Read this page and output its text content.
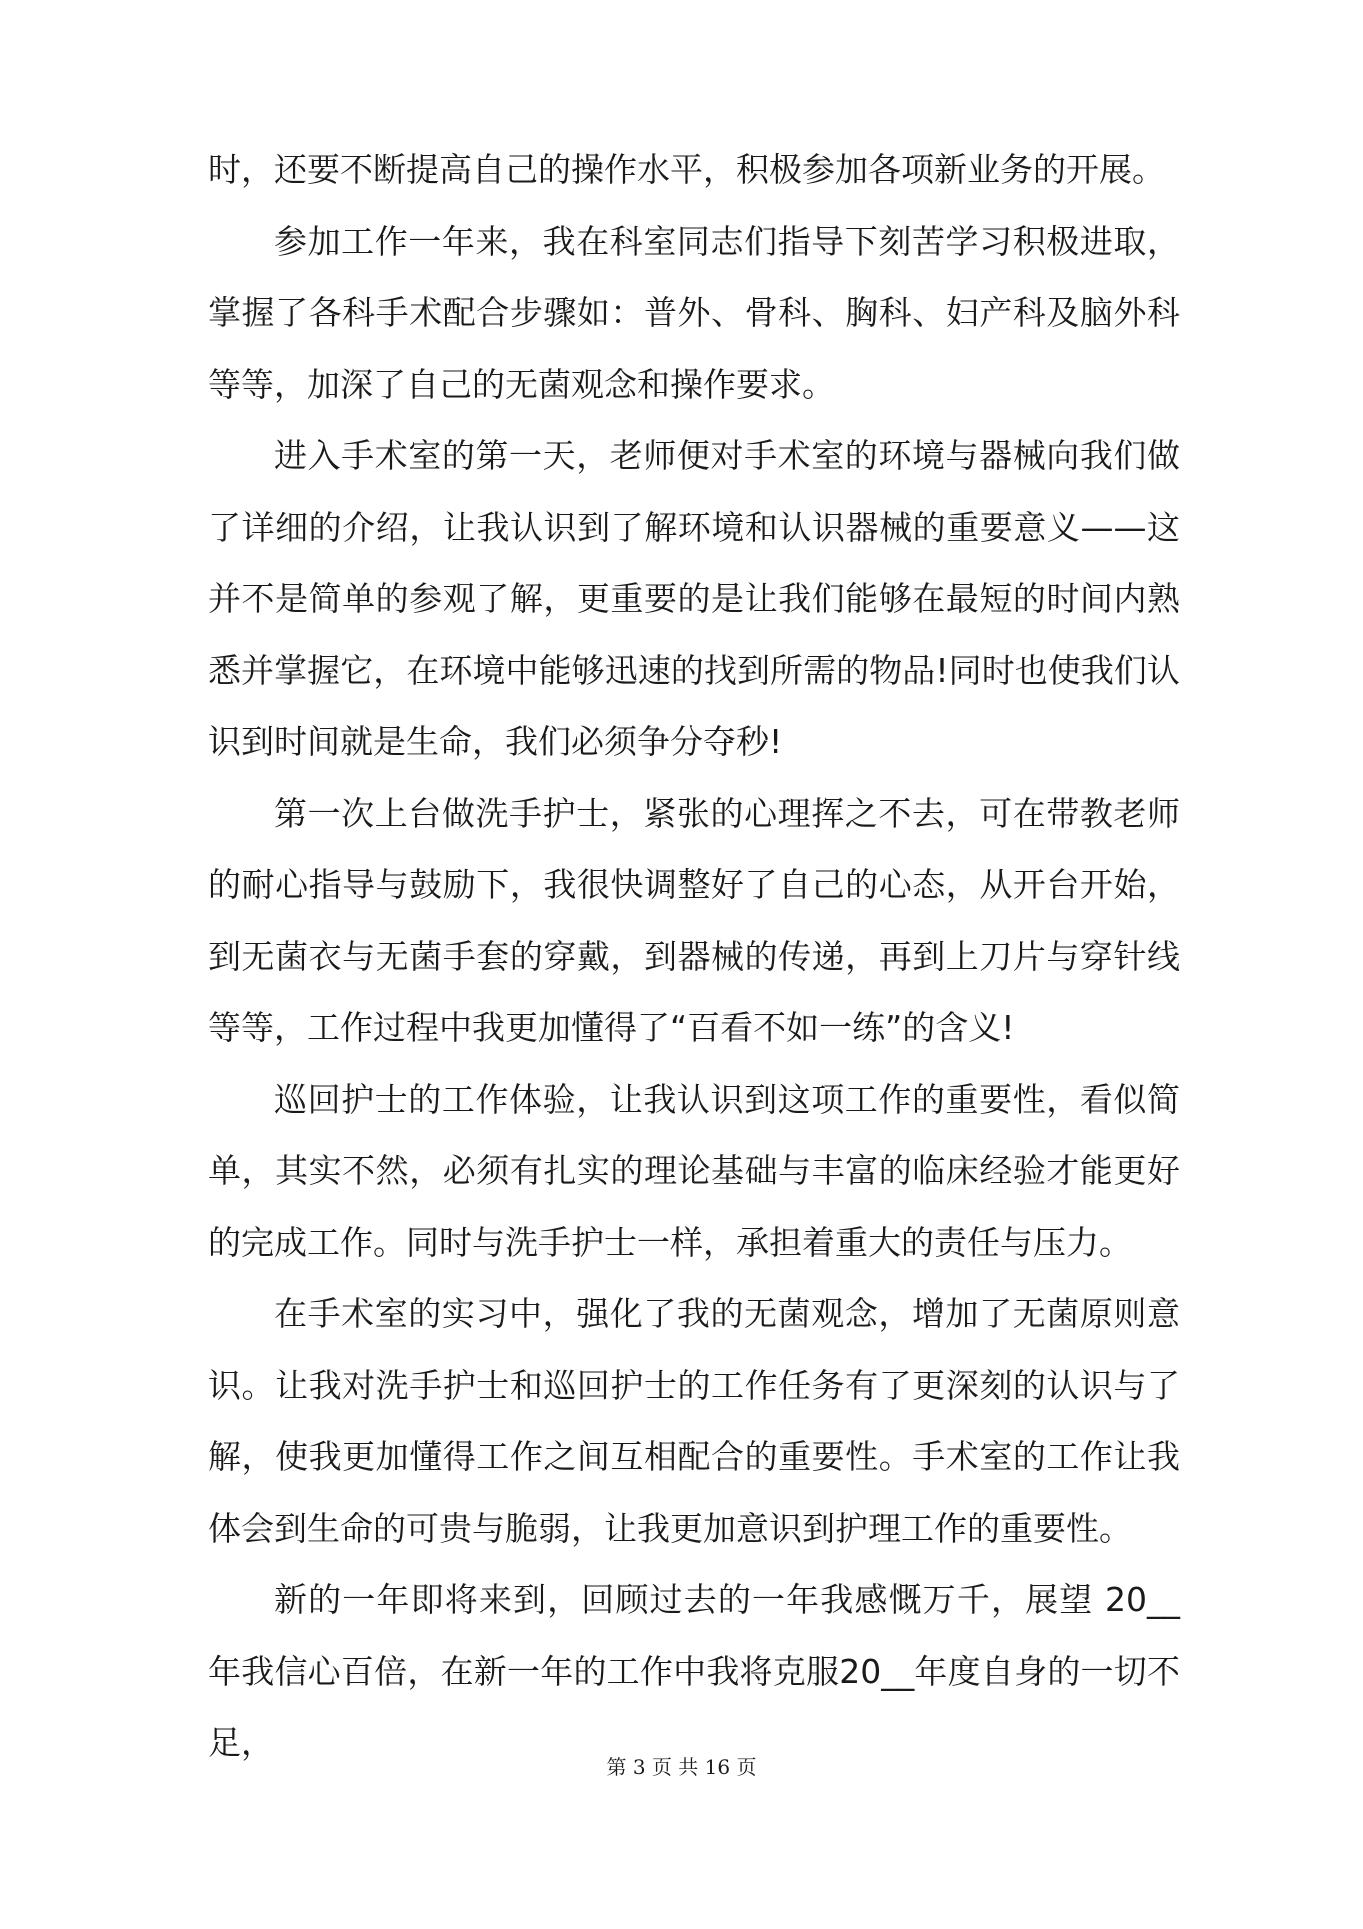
时，还要不断提高自己的操作水平，积极参加各项新业务的开展。

参加工作一年来，我在科室同志们指导下刻苦学习积极进取，掌握了各科手术配合步骤如：普外、骨科、胸科、妇产科及脑外科等等，加深了自己的无菌观念和操作要求。

进入手术室的第一天，老师便对手术室的环境与器械向我们做了详细的介绍，让我认识到了解环境和认识器械的重要意义——这并不是简单的参观了解，更重要的是让我们能够在最短的时间内熟悉并掌握它，在环境中能够迅速的找到所需的物品!同时也使我们认识到时间就是生命，我们必须争分夺秒!

第一次上台做洗手护士，紧张的心理挥之不去，可在带教老师的耐心指导与鼓励下，我很快调整好了自己的心态，从开台开始，到无菌衣与无菌手套的穿戴，到器械的传递，再到上刀片与穿针线等等，工作过程中我更加懂得了“百看不如一练”的含义!

巡回护士的工作体验，让我认识到这项工作的重要性，看似简单，其实不然，必须有扎实的理论基础与丰富的临床经验才能更好的完成工作。同时与洗手护士一样，承担着重大的责任与压力。

在手术室的实习中，强化了我的无菌观念，增加了无菌原则意识。让我对洗手护士和巡回护士的工作任务有了更深刻的认识与了解，使我更加懂得工作之间互相配合的重要性。手术室的工作让我体会到生命的可贵与脆弱，让我更加意识到护理工作的重要性。

新的一年即将来到，回顾过去的一年我感慨万千，展望 20__年我信心百倍，在新一年的工作中我将克服20__年度自身的一切不足，

第 3 页 共 16 页
